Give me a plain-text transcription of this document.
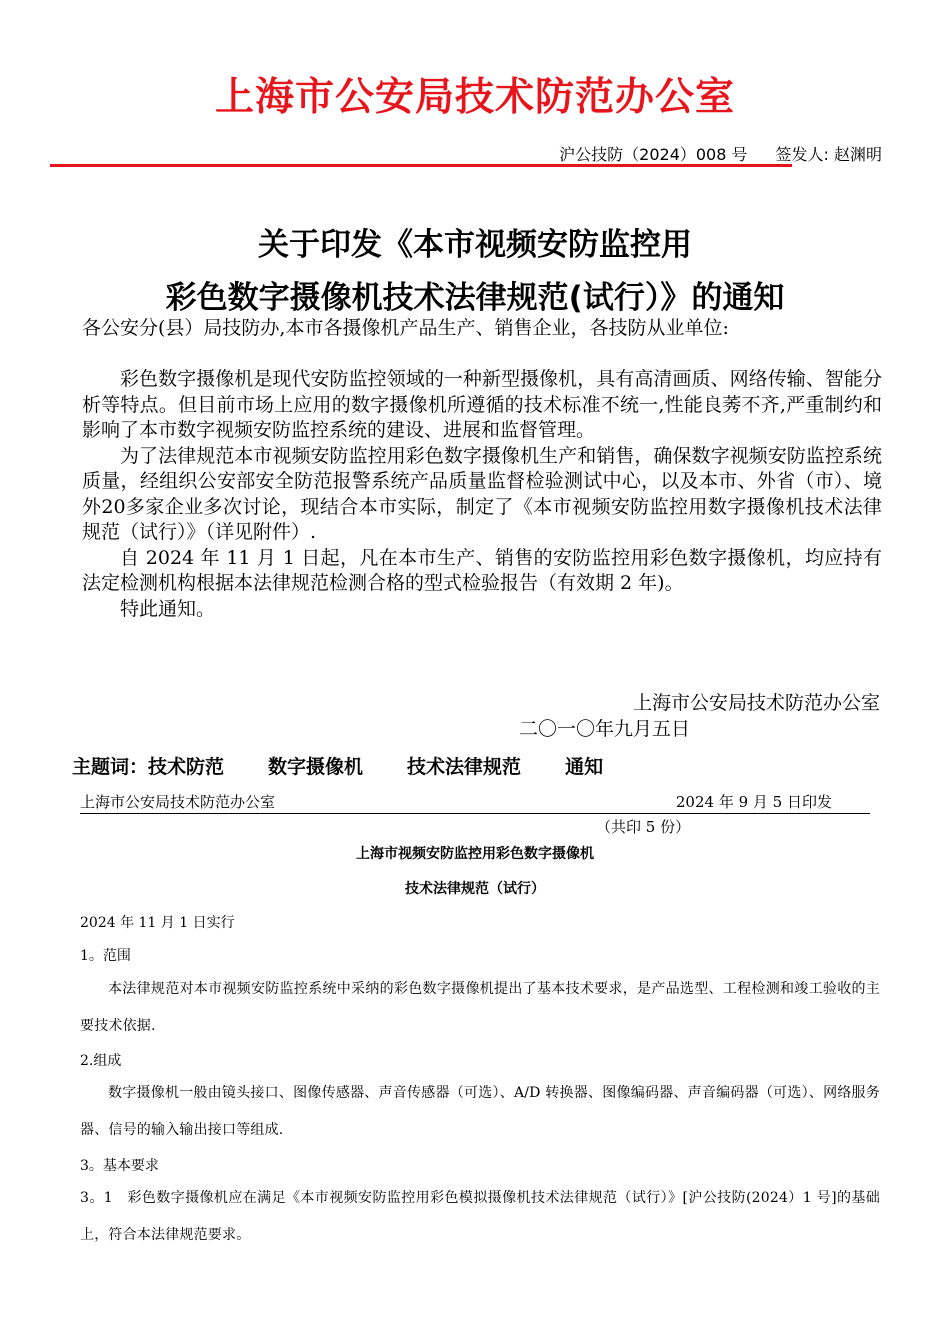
上海市公安局技术防范办公室
沪公技防（2024）008 号 签发人: 赵渊明
关于印发《本市视频安防监控用
彩色数字摄像机技术法律规范(试行）》的通知
各公安分(县）局技防办,本市各摄像机产品生产、销售企业，各技防从业单位:

彩色数字摄像机是现代安防监控领域的一种新型摄像机，具有高清画质、网络传输、智能分析等特点。但目前市场上应用的数字摄像机所遵循的技术标准不统一,性能良莠不齐,严重制约和影响了本市数字视频安防监控系统的建设、进展和监督管理。

为了法律规范本市视频安防监控用彩色数字摄像机生产和销售，确保数字视频安防监控系统质量，经组织公安部安全防范报警系统产品质量监督检验测试中心，以及本市、外省（市）、境外20多家企业多次讨论，现结合本市实际，制定了《本市视频安防监控用数字摄像机技术法律规范（试行）》（详见附件）.

自 2024 年 11 月 1 日起，凡在本市生产、销售的安防监控用彩色数字摄像机，均应持有法定检测机构根据本法律规范检测合格的型式检验报告（有效期 2 年)。

特此通知。

上海市公安局技术防范办公室
二〇一〇年九月五日
主题词：技术防范 数字摄像机 技术法律规范 通知
上海市公安局技术防范办公室	2024 年 9 月 5 日印发
（共印 5 份）
上海市视频安防监控用彩色数字摄像机
技术法律规范（试行）
2024 年 11 月 1 日实行
1。范围

本法律规范对本市视频安防监控系统中采纳的彩色数字摄像机提出了基本技术要求，是产品选型、工程检测和竣工验收的主要技术依据.

2.组成

数字摄像机一般由镜头接口、图像传感器、声音传感器（可选）、A/D 转换器、图像编码器、声音编码器（可选）、网络服务器、信号的输入输出接口等组成.

3。基本要求

3。1　彩色数字摄像机应在满足《本市视频安防监控用彩色模拟摄像机技术法律规范（试行）》[沪公技防(2024）1 号]的基础上，符合本法律规范要求。
